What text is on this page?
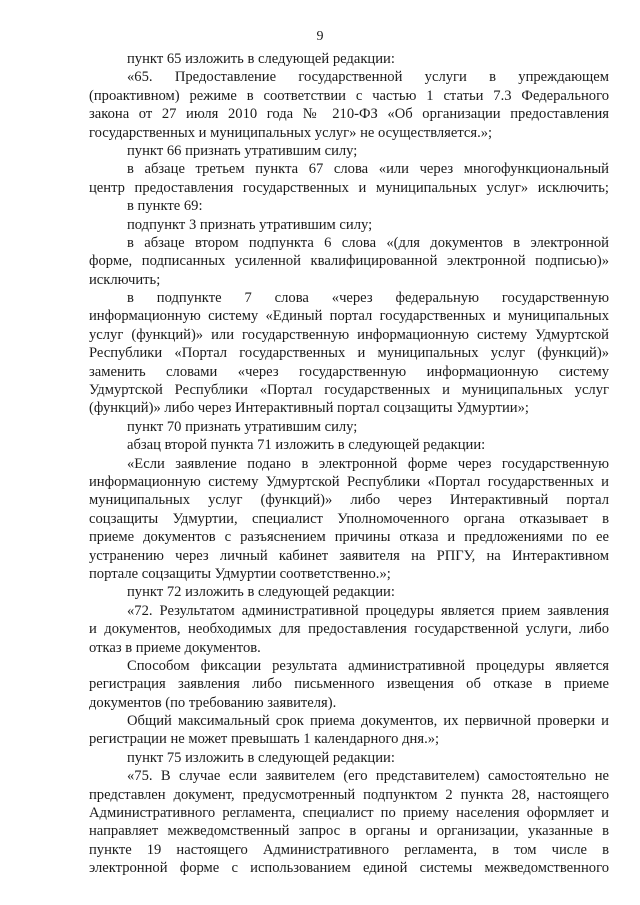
9
пункт 65 изложить в следующей редакции:
«65. Предоставление государственной услуги в упреждающем
(проактивном) режиме в соответствии с частью 1 статьи 7.3 Федерального
закона от 27 июля 2010 года № 210-ФЗ «Об организации предоставления
государственных и муниципальных услуг» не осуществляется.»;
пункт 66 признать утратившим силу;
в абзаце третьем пункта 67 слова «или через многофункциональный
центр предоставления государственных и муниципальных услуг» исключить;
в пункте 69:
подпункт 3 признать утратившим силу;
в абзаце втором подпункта 6 слова «(для документов в электронной
форме, подписанных усиленной квалифицированной электронной подписью)»
исключить;
в подпункте 7 слова «через федеральную государственную
информационную систему «Единый портал государственных и муниципальных
услуг (функций)» или государственную информационную систему Удмуртской
Республики «Портал государственных и муниципальных услуг (функций)»
заменить словами «через государственную информационную систему
Удмуртской Республики «Портал государственных и муниципальных услуг
(функций)» либо через Интерактивный портал соцзащиты Удмуртии»;
пункт 70 признать утратившим силу;
абзац второй пункта 71 изложить в следующей редакции:
«Если заявление подано в электронной форме через государственную
информационную систему Удмуртской Республики «Портал государственных и
муниципальных услуг (функций)» либо через Интерактивный портал
соцзащиты Удмуртии, специалист Уполномоченного органа отказывает в
приеме документов с разъяснением причины отказа и предложениями по ее
устранению через личный кабинет заявителя на РПГУ, на Интерактивном
портале соцзащиты Удмуртии соответственно.»;
пункт 72 изложить в следующей редакции:
«72. Результатом административной процедуры является прием заявления
и документов, необходимых для предоставления государственной услуги, либо
отказ в приеме документов.
Способом фиксации результата административной процедуры является
регистрация заявления либо письменного извещения об отказе в приеме
документов (по требованию заявителя).
Общий максимальный срок приема документов, их первичной проверки и
регистрации не может превышать 1 календарного дня.»;
пункт 75 изложить в следующей редакции:
«75. В случае если заявителем (его представителем) самостоятельно не
представлен документ, предусмотренный подпунктом 2 пункта 28, настоящего
Административного регламента, специалист по приему населения оформляет и
направляет межведомственный запрос в органы и организации, указанные в
пункте 19 настоящего Административного регламента, в том числе в
электронной форме с использованием единой системы межведомственного
